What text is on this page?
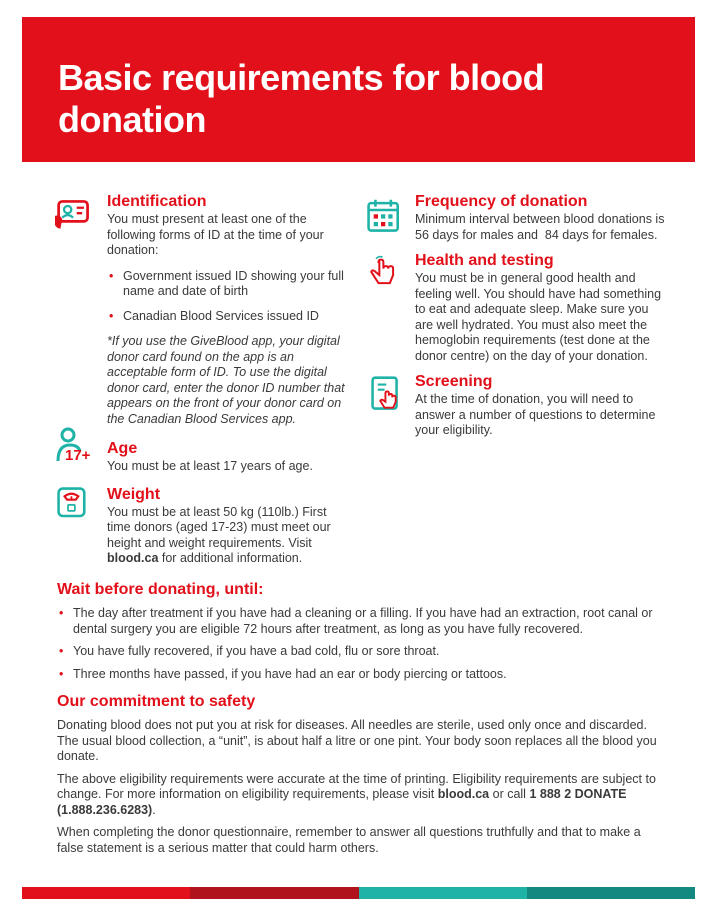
Basic requirements for blood donation
Identification

You must present at least one of the following forms of ID at the time of your donation:

• Government issued ID showing your full name and date of birth
• Canadian Blood Services issued ID

*If you use the GiveBlood app, your digital donor card found on the app is an acceptable form of ID. To use the digital donor card, enter the donor ID number that appears on the front of your donor card on the Canadian Blood Services app.

17+ Age

You must be at least 17 years of age.

Weight

You must be at least 50 kg (110lb.) First time donors (aged 17-23) must meet our height and weight requirements. Visit blood.ca for additional information.

Frequency of donation

Minimum interval between blood donations is 56 days for males and  84 days for females.

Health and testing

You must be in general good health and feeling well. You should have had something to eat and adequate sleep. Make sure you are well hydrated. You must also meet the hemoglobin requirements (test done at the donor centre) on the day of your donation.

Screening

At the time of donation, you will need to answer a number of questions to determine your eligibility.

Wait before donating, until:
• The day after treatment if you have had a cleaning or a filling. If you have had an extraction, root canal or dental surgery you are eligible 72 hours after treatment, as long as you have fully recovered.
• You have fully recovered, if you have a bad cold, flu or sore throat.
• Three months have passed, if you have had an ear or body piercing or tattoos.
Our commitment to safety

Donating blood does not put you at risk for diseases. All needles are sterile, used only once and discarded. The usual blood collection, a “unit”, is about half a litre or one pint. Your body soon replaces all the blood you donate.

The above eligibility requirements were accurate at the time of printing. Eligibility requirements are subject to change. For more information on eligibility requirements, please visit blood.ca or call 1 888 2 DONATE (1.888.236.6283).

When completing the donor questionnaire, remember to answer all questions truthfully and that to make a false statement is a serious matter that could harm others.
